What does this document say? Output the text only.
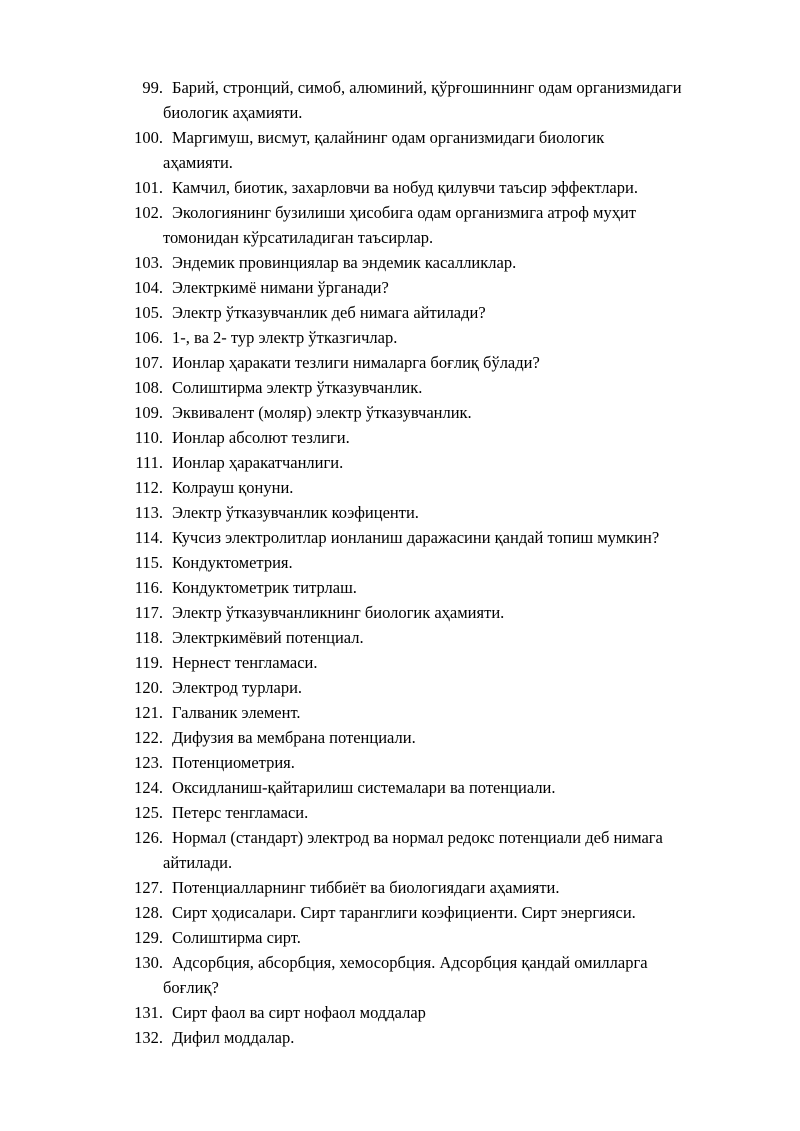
99. Барий, стронций, симоб, алюминий, қўрғошиннинг одам организмидаги
биологик аҳамияти.
100. Маргимуш, висмут, қалайнинг одам организмидаги биологик
аҳамияти.
101. Камчил, биотик, захарловчи ва нобуд қилувчи таъсир эффектлари.
102. Экологиянинг бузилиши ҳисобига одам организмига атроф муҳит
томонидан кўрсатиладиган таъсирлар.
103. Эндемик провинциялар ва эндемик касалликлар.
104. Электркимё нимани ўрганади?
105. Электр ўтказувчанлик деб нимага айтилади?
106. 1-, ва 2- тур электр ўтказгичлар.
107. Ионлар ҳаракати тезлиги нималарга боғлиқ бўлади?
108. Солиштирма электр ўтказувчанлик.
109. Эквивалент (моляр) электр ўтказувчанлик.
110. Ионлар абсолют тезлиги.
111. Ионлар ҳаракатчанлиги.
112. Колрауш қонуни.
113. Электр ўтказувчанлик коэфиценти.
114. Кучсиз электролитлар ионланиш даражасини қандай топиш мумкин?
115. Кондуктометрия.
116. Кондуктометрик титрлаш.
117. Электр ўтказувчанликнинг биологик аҳамияти.
118. Электркимёвий потенциал.
119. Нернест тенгламаси.
120. Электрод турлари.
121. Галваник элемент.
122. Дифузия ва мембрана потенциали.
123. Потенциометрия.
124. Оксидланиш-қайтарилиш системалари ва потенциали.
125. Петерс тенгламаси.
126. Нормал (стандарт) электрод ва нормал редокс потенциали деб нимага
айтилади.
127. Потенциалларнинг тиббиёт ва биологиядаги аҳамияти.
128. Сирт ҳодисалари. Сирт таранглиги коэфициенти. Сирт энергияси.
129. Солиштирма сирт.
130. Адсорбция, абсорбция, хемосорбция. Адсорбция қандай омилларга
боғлиқ?
131. Сирт фаол ва сирт нофаол моддалар
132. Дифил моддалар.
